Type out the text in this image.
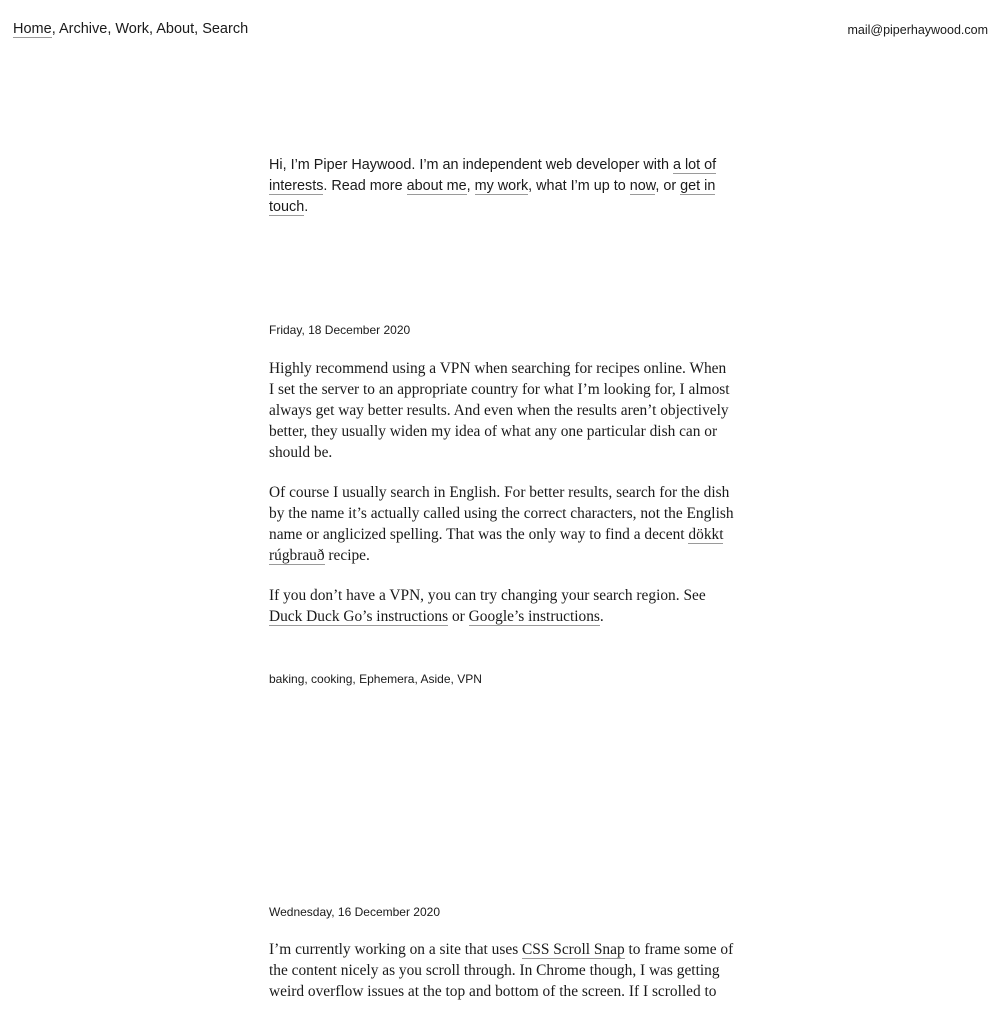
Home, Archive, Work, About, Search	mail@piperhaywood.com

Hi, I’m Piper Haywood. I’m an independent web developer with a lot of interests. Read more about me, my work, what I’m up to now, or get in touch.

Friday, 18 December 2020

Highly recommend using a VPN when searching for recipes online. When I set the server to an appropriate country for what I’m looking for, I almost always get way better results. And even when the results aren’t objectively better, they usually widen my idea of what any one particular dish can or should be.

Of course I usually search in English. For better results, search for the dish by the name it’s actually called using the correct characters, not the English name or anglicized spelling. That was the only way to find a decent dökkt rúgbrauð recipe.

If you don’t have a VPN, you can try changing your search region. See Duck Duck Go’s instructions or Google’s instructions.

baking, cooking, Ephemera, Aside, VPN

Wednesday, 16 December 2020

I’m currently working on a site that uses CSS Scroll Snap to frame some of the content nicely as you scroll through. In Chrome though, I was getting weird overflow issues at the top and bottom of the screen. If I scrolled to
